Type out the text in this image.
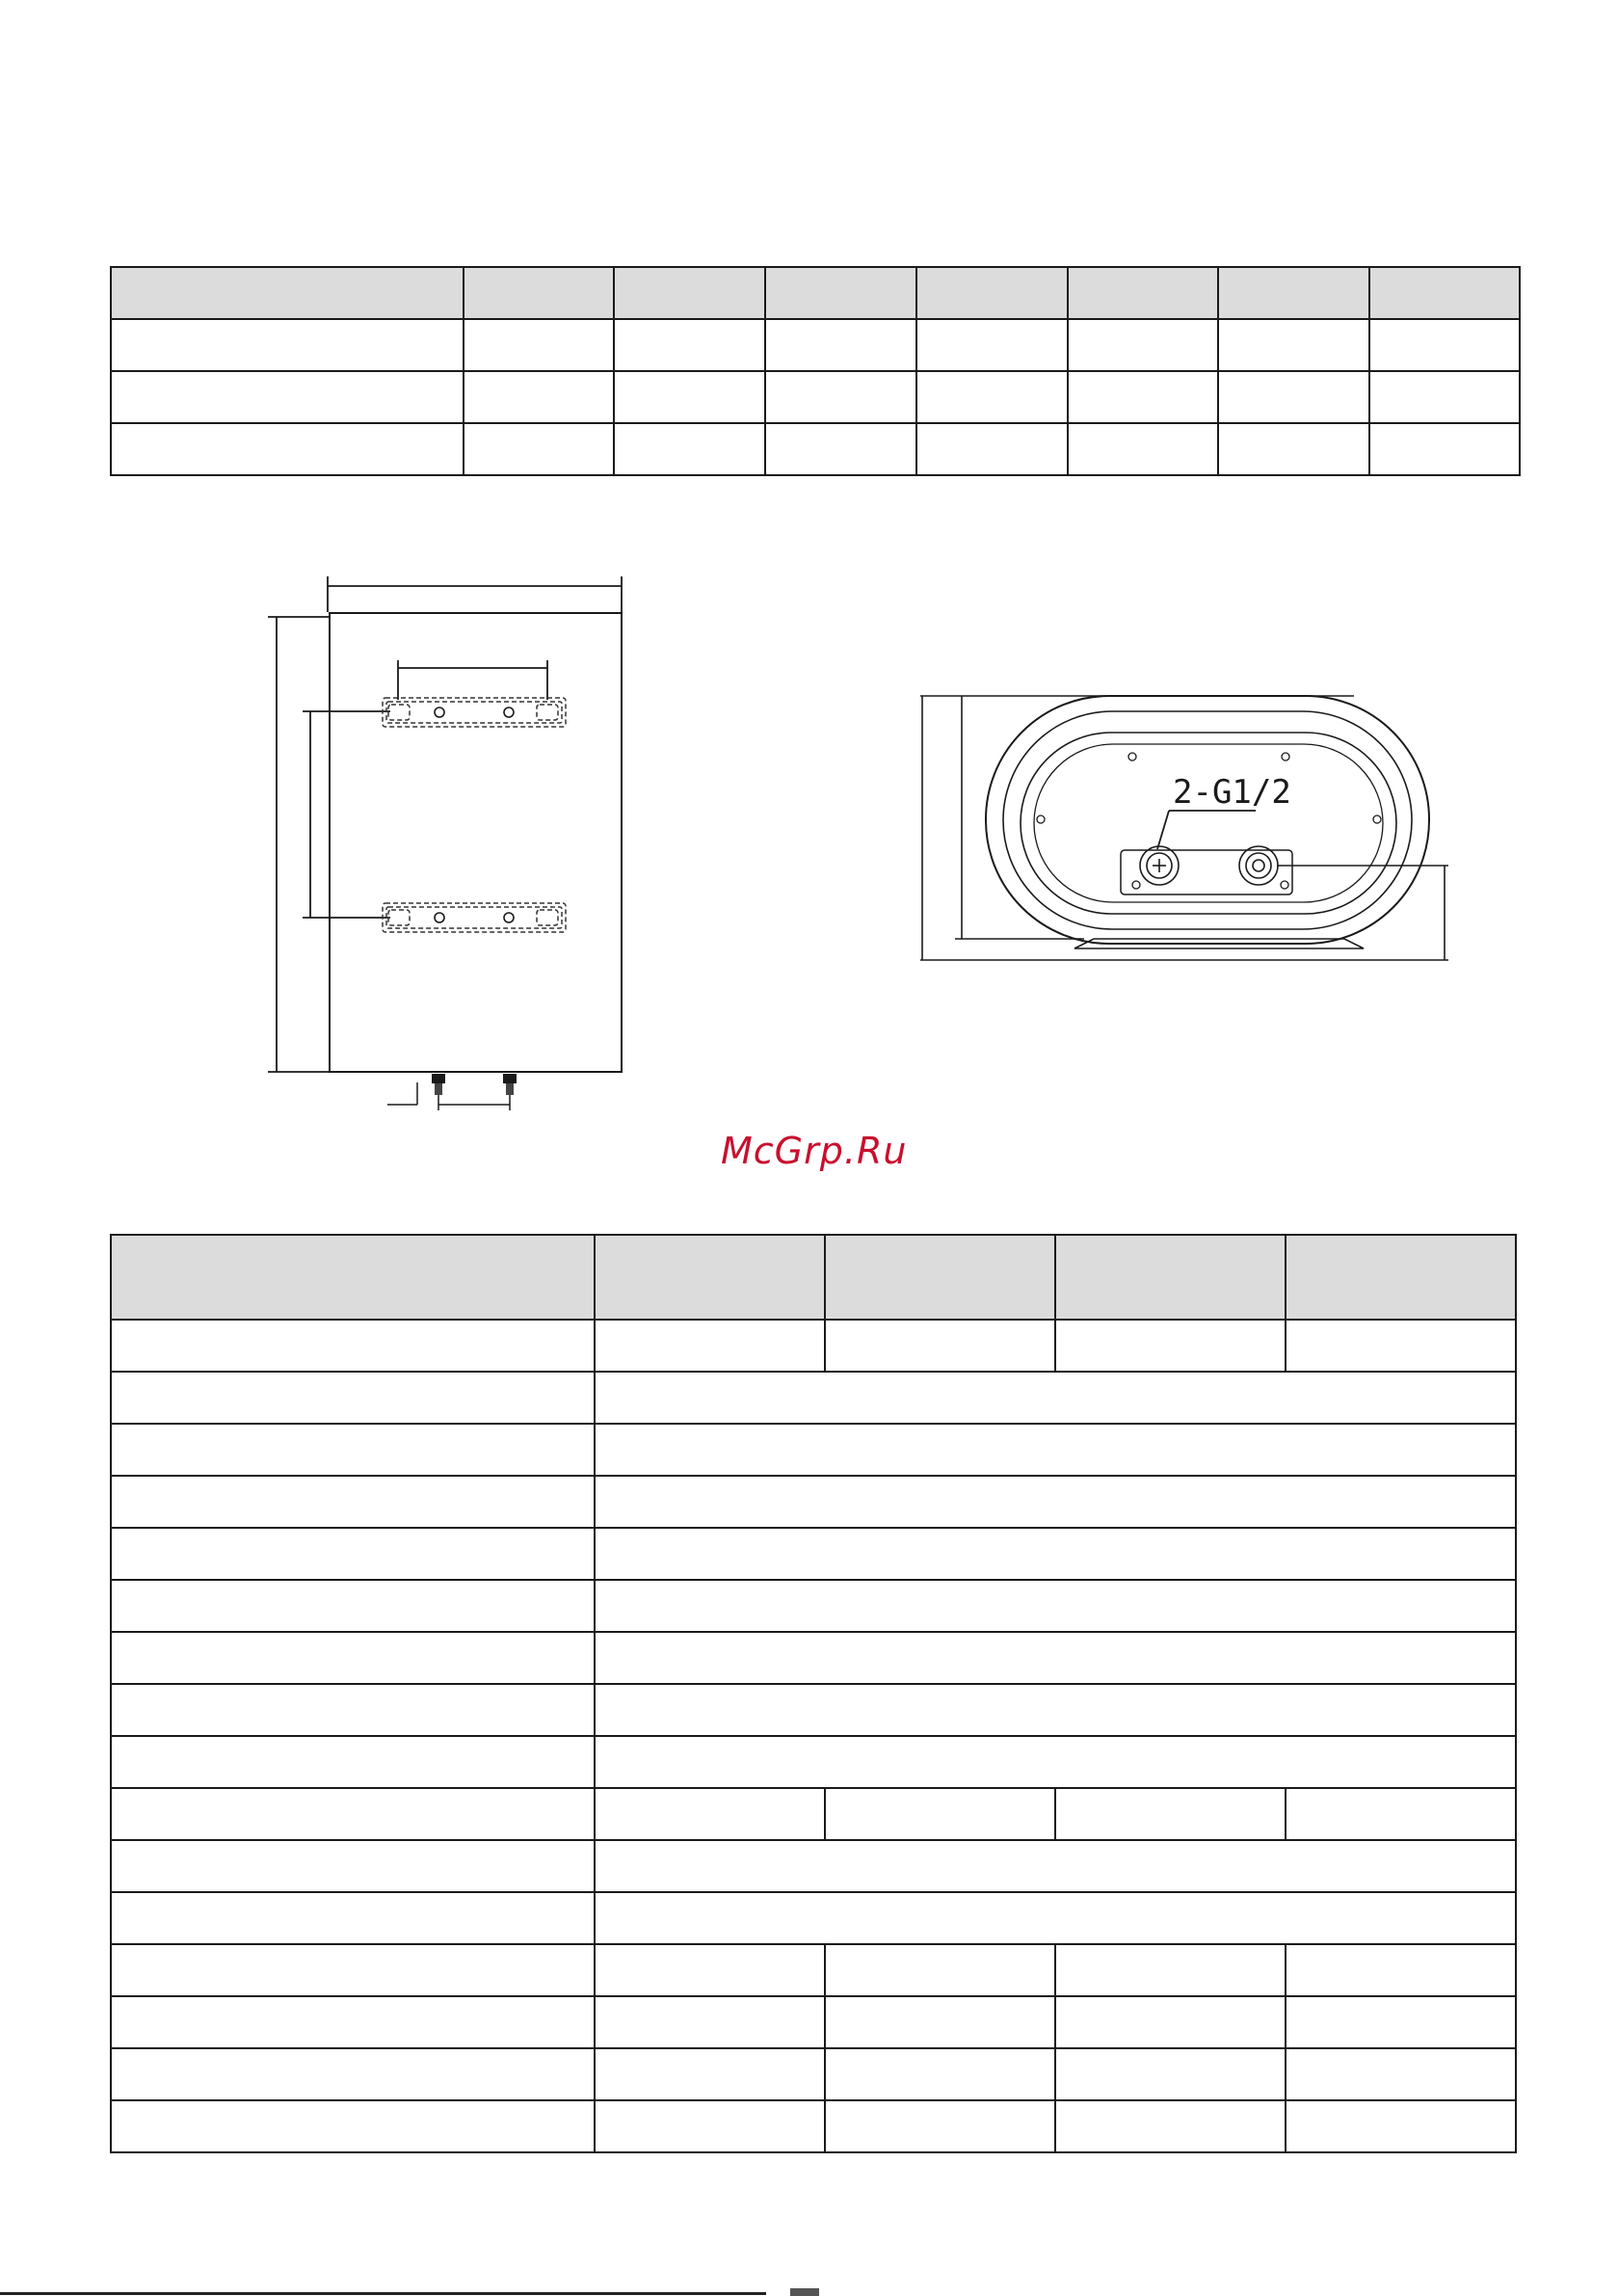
2-G1/2
McGrp.Ru
